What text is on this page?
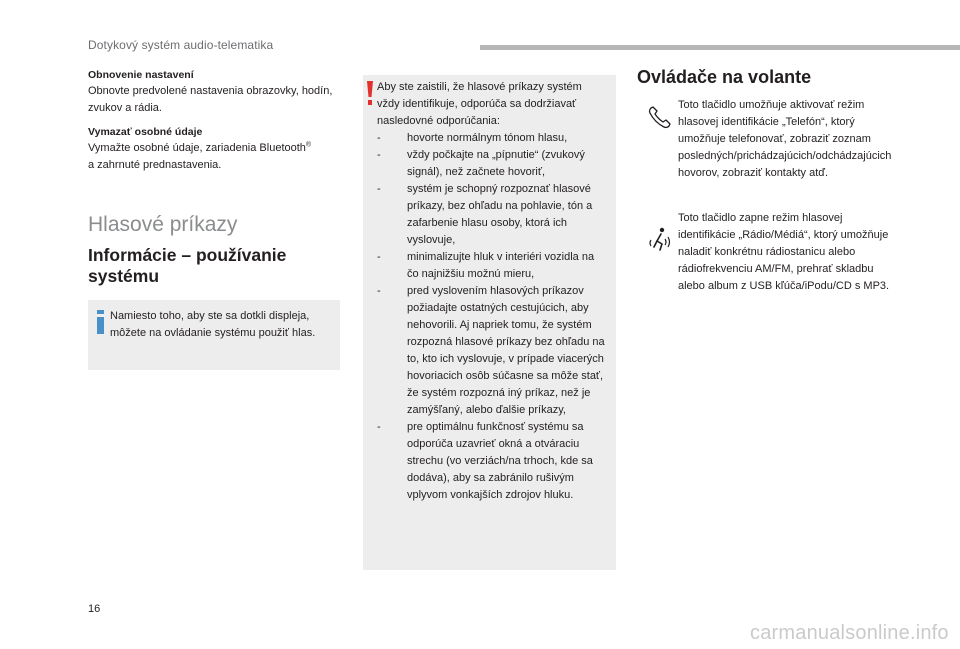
Dotykový systém audio-telematika
Obnovenie nastavení
Obnovte predvolené nastavenia obrazovky, hodín, zvukov a rádia.
Vymazať osobné údaje
Vymažte osobné údaje, zariadenia Bluetooth®
a zahrnuté prednastavenia.
Hlasové príkazy
Informácie – používanie systému
Namiesto toho, aby ste sa dotkli displeja, môžete na ovládanie systému použiť hlas.
Aby ste zaistili, že hlasové príkazy systém vždy identifikuje, odporúča sa dodržiavať nasledovné odporúčania:
- hovorte normálnym tónom hlasu,
- vždy počkajte na „pípnutie“ (zvukový signál), než začnete hovoriť,
- systém je schopný rozpoznať hlasové príkazy, bez ohľadu na pohlavie, tón a zafarbenie hlasu osoby, ktorá ich vyslovuje,
- minimalizujte hluk v interiéri vozidla na čo najnižšiu možnú mieru,
- pred vyslovením hlasových príkazov požiadajte ostatných cestujúcich, aby nehovorili. Aj napriek tomu, že systém rozpozná hlasové príkazy bez ohľadu na to, kto ich vyslovuje, v prípade viacerých hovoriacich osôb súčasne sa môže stať, že systém rozpozná iný príkaz, než je zamýšľaný, alebo ďalšie príkazy,
- pre optimálnu funkčnosť systému sa odporúča uzavrieť okná a otváraciu strechu (vo verziách/na trhoch, kde sa dodáva), aby sa zabránilo rušivým vplyvom vonkajších zdrojov hluku.
Ovládače na volante
Toto tlačidlo umožňuje aktivovať režim hlasovej identifikácie „Telefón“, ktorý umožňuje telefonovať, zobraziť zoznam posledných/prichádzajúcich/odchádzajúcich hovorov, zobraziť kontakty atď.
Toto tlačidlo zapne režim hlasovej identifikácie „Rádio/Médiá“, ktorý umožňuje naladiť konkrétnu rádiostanicu alebo rádiofrekvenciu AM/FM, prehrať skladbu alebo album z USB kľúča/iPodu/CD s MP3.
16
carmanualsonline.info
